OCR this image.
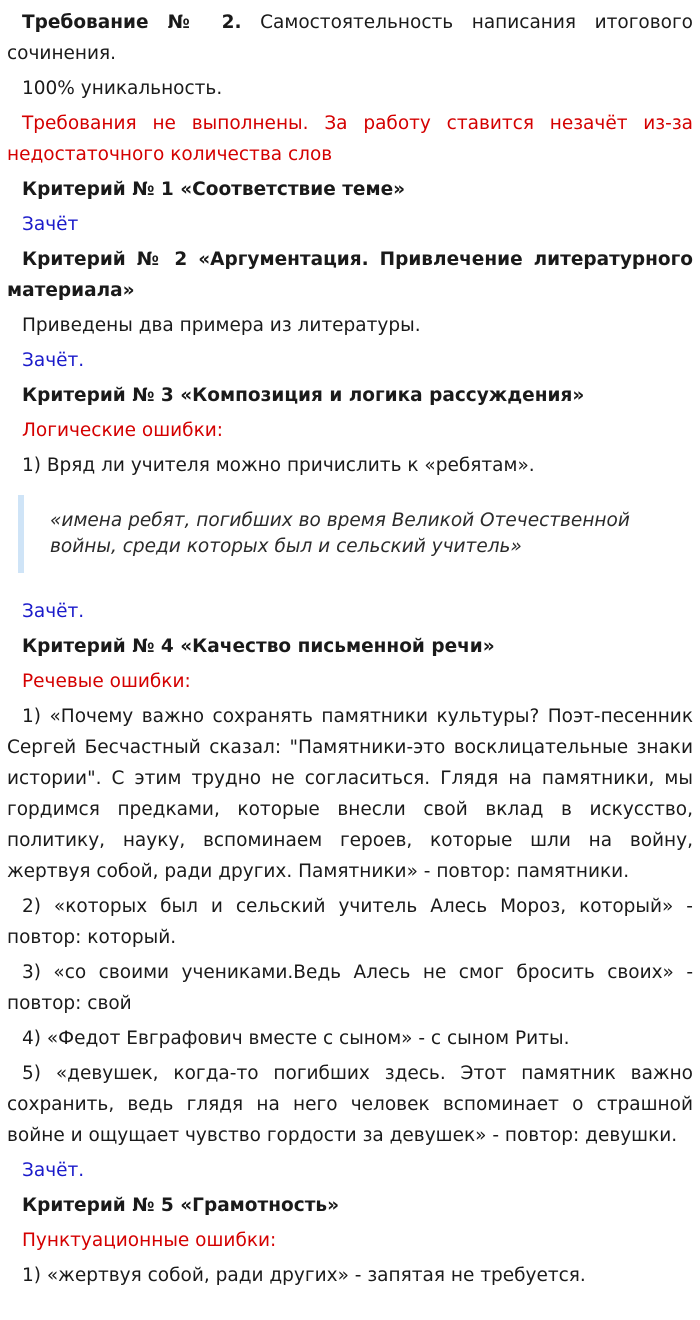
Требование № 2. Самостоятельность написания итогового сочинения.

100% уникальность.

Требования не выполнены. За работу ставится незачёт из-за недостаточного количества слов

Критерий № 1 «Соответствие теме»

Зачёт

Критерий № 2 «Аргументация. Привлечение литературного материала»

Приведены два примера из литературы.

Зачёт.

Критерий № 3 «Композиция и логика рассуждения»

Логические ошибки:

1) Вряд ли учителя можно причислить к «ребятам».

«имена ребят, погибших во время Великой Отечественной войны, среди которых был и сельский учитель»

Зачёт.

Критерий № 4 «Качество письменной речи»

Речевые ошибки:

1) «Почему важно сохранять памятники культуры? Поэт-песенник Сергей Бесчастный сказал: "Памятники-это восклицательные знаки истории". С этим трудно не согласиться. Глядя на памятники, мы гордимся предками, которые внесли свой вклад в искусство, политику, науку, вспоминаем героев, которые шли на войну, жертвуя собой, ради других. Памятники» - повтор: памятники.

2) «которых был и сельский учитель Алесь Мороз, который» - повтор: который.

3) «со своими учениками.Ведь Алесь не смог бросить своих» - повтор: свой

4) «Федот Евграфович вместе с сыном» - с сыном Риты.

5) «девушек, когда-то погибших здесь. Этот памятник важно сохранить, ведь глядя на него человек вспоминает о страшной войне и ощущает чувство гордости за девушек» - повтор: девушки.

Зачёт.

Критерий № 5 «Грамотность»

Пунктуационные ошибки:

1) «жертвуя собой, ради других» - запятая не требуется.
